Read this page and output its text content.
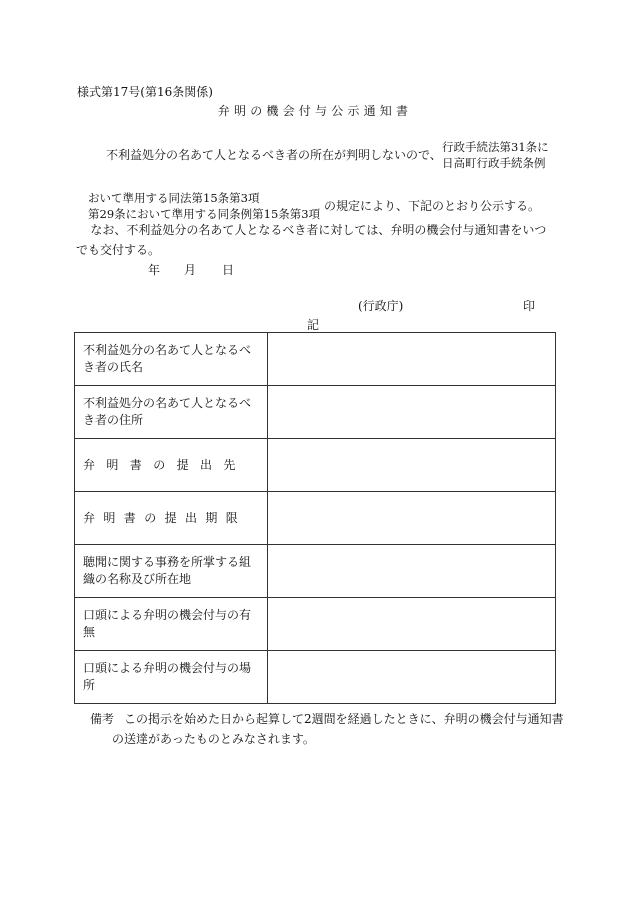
様式第17号(第16条関係)
弁明の機会付与公示通知書
不利益処分の名あて人となるべき者の所在が判明しないので、
行政手続法第31条に
日高町行政手続条例
おいて準用する同法第15条第3項
第29条において準用する同条例第15条第3項
の規定により、下記のとおり公示する。
なお、不利益処分の名あて人となるべき者に対しては、弁明の機会付与通知書をいつでも交付する。
年 月 日
(行政庁)	印
記
不利益処分の名あて人となるべき者の氏名	
不利益処分の名あて人となるべき者の住所	
弁明書の提出先	
弁明書の提出期限	
聴聞に関する事務を所掌する組織の名称及び所在地	
口頭による弁明の機会付与の有無	
口頭による弁明の機会付与の場所	
備考 この掲示を始めた日から起算して2週間を経過したときに、弁明の機会付与通知書
の送達があったものとみなされます。
